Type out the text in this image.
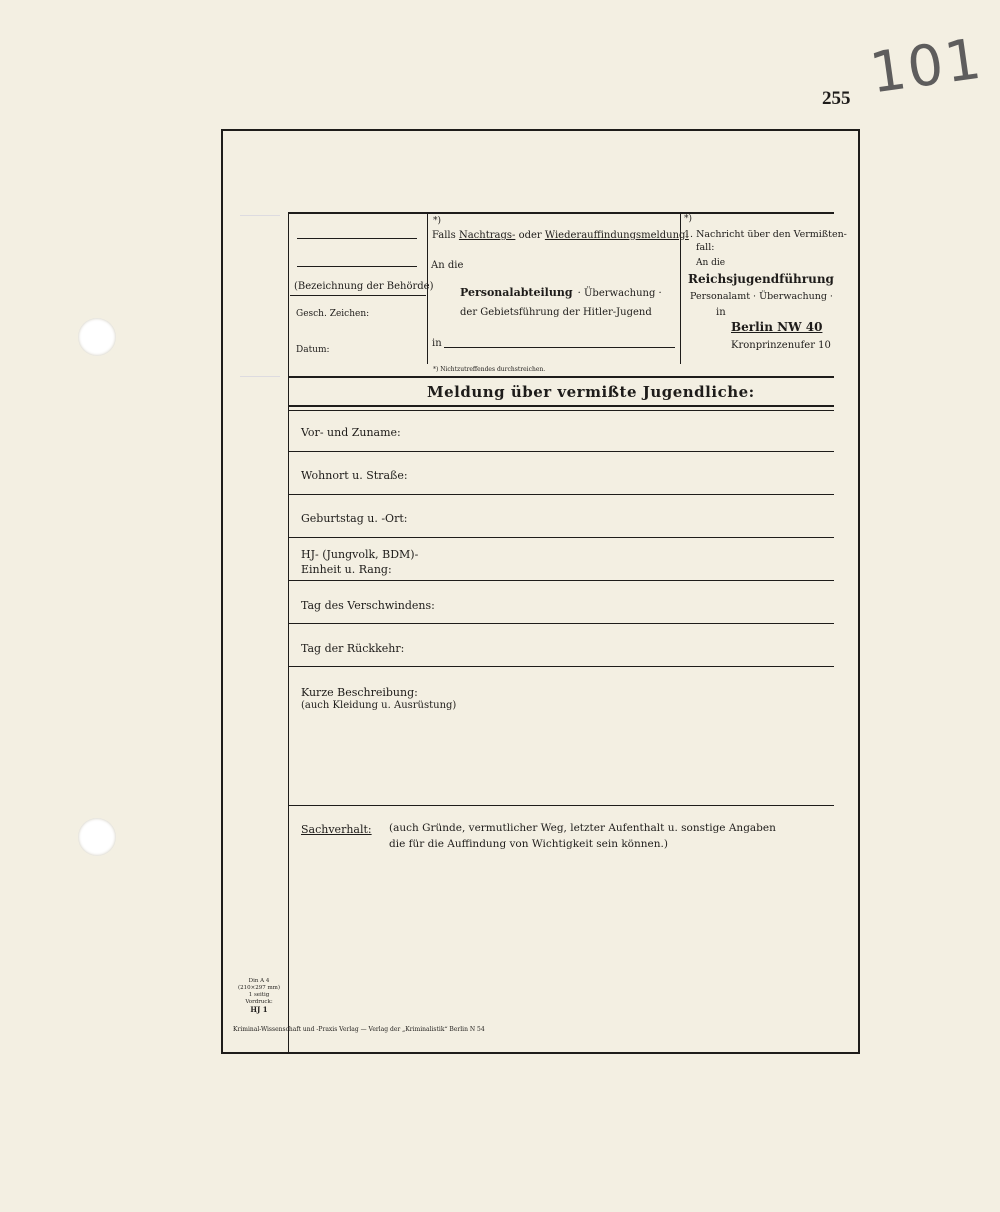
255 101
(Bezeichnung der Behörde)
Gesch. Zeichen:
Datum:
*)
Falls Nachtrags- oder Wiederauffindungsmeldung:
An die
Personalabteilung · Überwachung ·
der Gebietsführung der Hitler-Jugend
in
*) Nichtzutreffendes durchstreichen.
*)
1. Nachricht über den Vermißten-
fall:
An die
Reichsjugendführung
Personalamt · Überwachung ·
in
Berlin NW 40
Kronprinzenufer 10
Meldung über vermißte Jugendliche:
Vor- und Zuname:
Wohnort u. Straße:
Geburtstag u. -Ort:
HJ- (Jungvolk, BDM)-
Einheit u. Rang:
Tag des Verschwindens:
Tag der Rückkehr:
Kurze Beschreibung:
(auch Kleidung u. Ausrüstung)
Sachverhalt: (auch Gründe, vermutlicher Weg, letzter Aufenthalt u. sonstige Angaben
die für die Auffindung von Wichtigkeit sein können.)
Din A 4
(210×297 mm)
1 seitig
Vordruck:
HJ 1
Kriminal-Wissenschaft und -Praxis Verlag — Verlag der „Kriminalistik“ Berlin N 54
